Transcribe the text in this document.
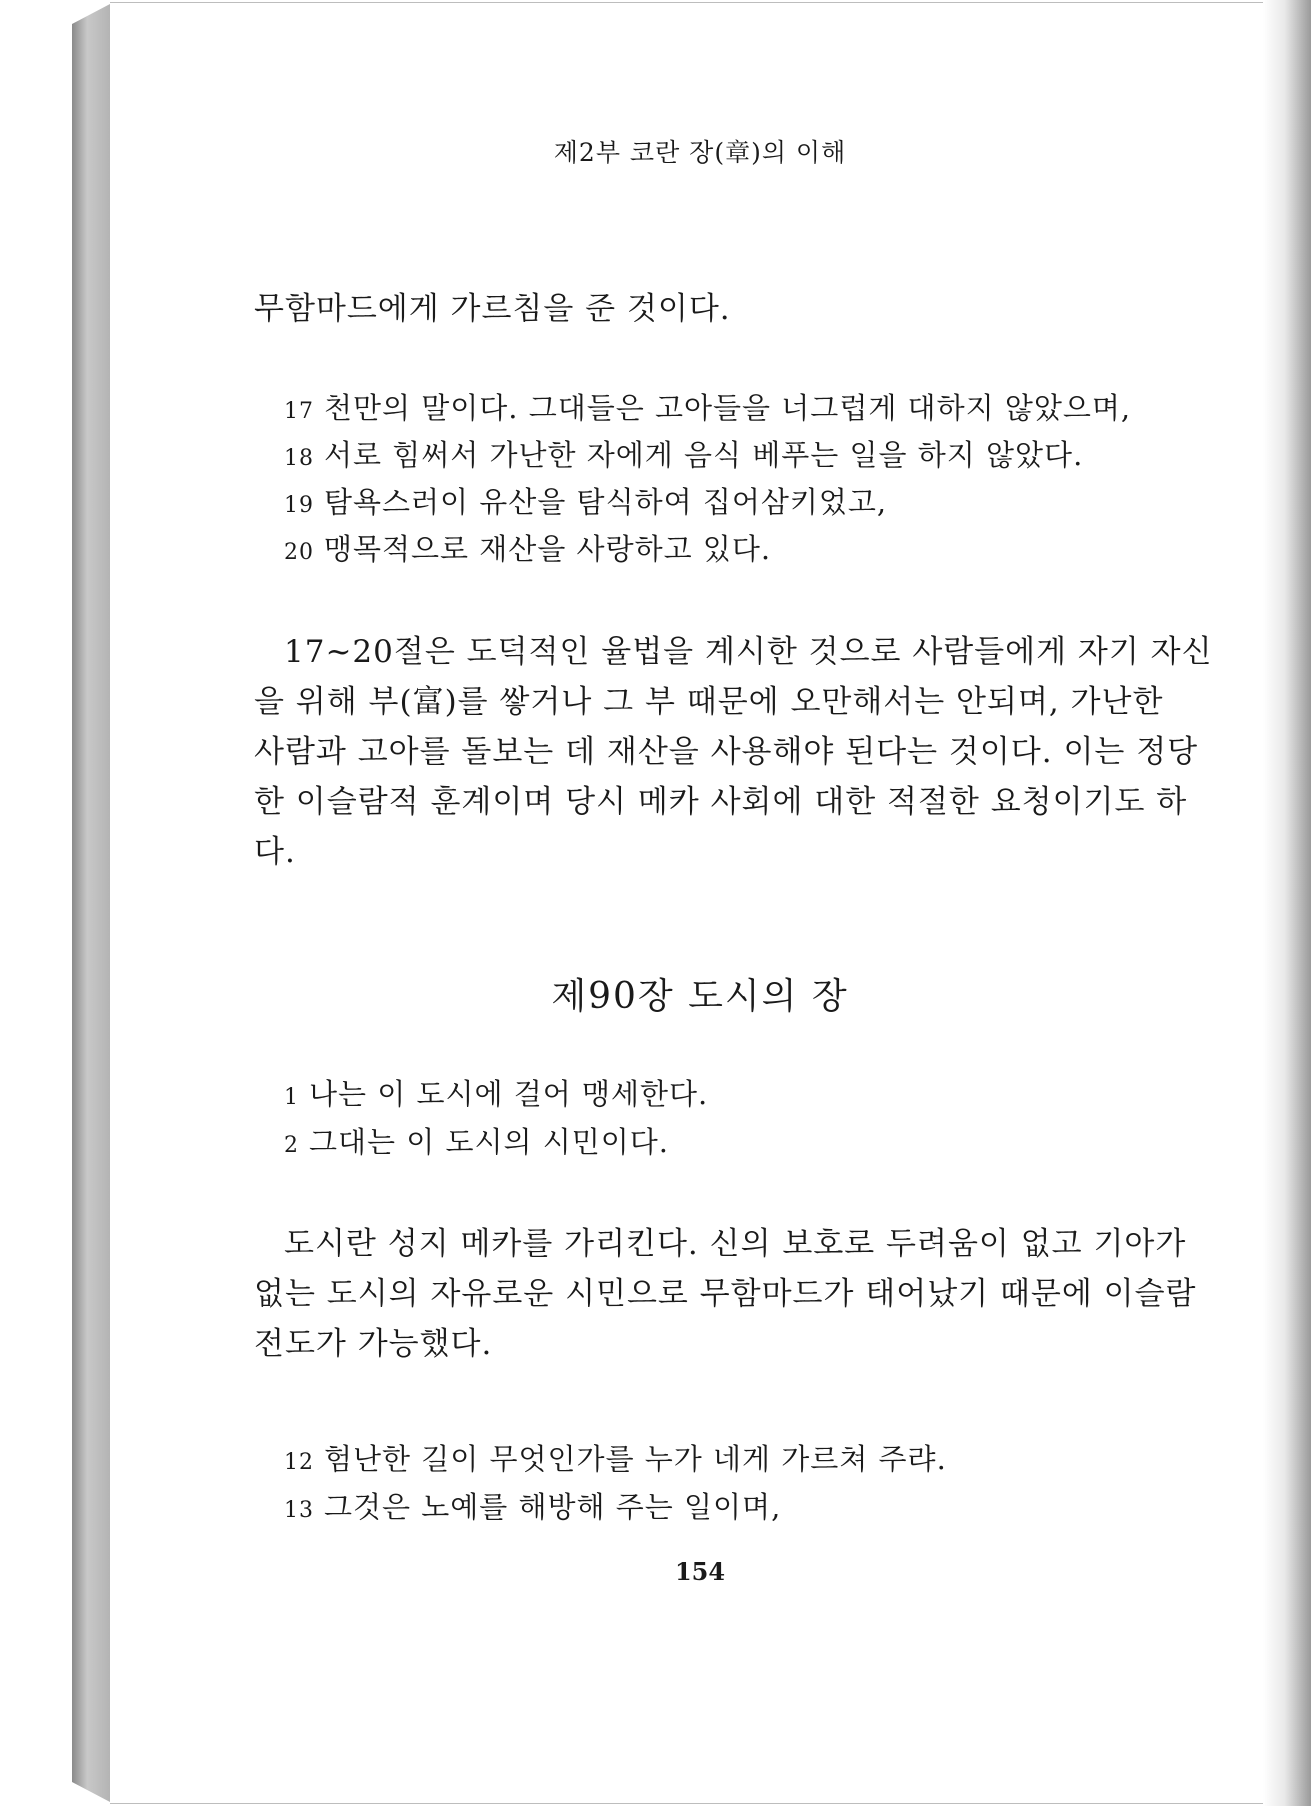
제2부 코란 장(章)의 이해
무함마드에게 가르침을 준 것이다.
17 천만의 말이다. 그대들은 고아들을 너그럽게 대하지 않았으며,
18 서로 힘써서 가난한 자에게 음식 베푸는 일을 하지 않았다.
19 탐욕스러이 유산을 탐식하여 집어삼키었고,
20 맹목적으로 재산을 사랑하고 있다.
17~20절은 도덕적인 율법을 계시한 것으로 사람들에게 자기 자신
을 위해 부(富)를 쌓거나 그 부 때문에 오만해서는 안되며, 가난한
사람과 고아를 돌보는 데 재산을 사용해야 된다는 것이다. 이는 정당
한 이슬람적 훈계이며 당시 메카 사회에 대한 적절한 요청이기도 하
다.
제90장 도시의 장
1 나는 이 도시에 걸어 맹세한다.
2 그대는 이 도시의 시민이다.
도시란 성지 메카를 가리킨다. 신의 보호로 두려움이 없고 기아가
없는 도시의 자유로운 시민으로 무함마드가 태어났기 때문에 이슬람
전도가 가능했다.
12 험난한 길이 무엇인가를 누가 네게 가르쳐 주랴.
13 그것은 노예를 해방해 주는 일이며,
154
